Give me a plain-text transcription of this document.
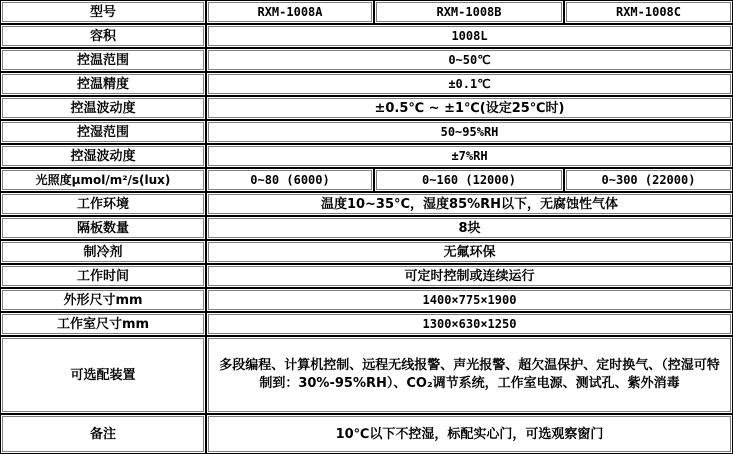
型号	RXM-1008A	RXM-1008B	RXM-1008C
容积	1008L		
控温范围	0~50℃		
控温精度	±0.1℃		
控温波动度	±0.5℃ ~ ±1℃(设定25℃时)		
控湿范围	50~95%RH		
控湿波动度	±7%RH		
光照度μmol/m²/s(lux)	0~80 (6000)	0~160 (12000)	0~300 (22000)
工作环境	温度10~35°C，湿度85%RH以下，无腐蚀性气体		
隔板数量	8块		
制冷剂	无氟环保		
工作时间	可定时控制或连续运行		
外形尺寸mm	1400×775×1900		
工作室尺寸mm	1300×630×1250		
可选配装置	多段编程、计算机控制、远程无线报警、声光报警、超欠温保护、定时换气、（控湿可特制到：30%-95%RH）、CO₂调节系统，工作室电源、测试孔、紫外消毒		
备注	10℃以下不控湿，标配实心门，可选观察窗门		
